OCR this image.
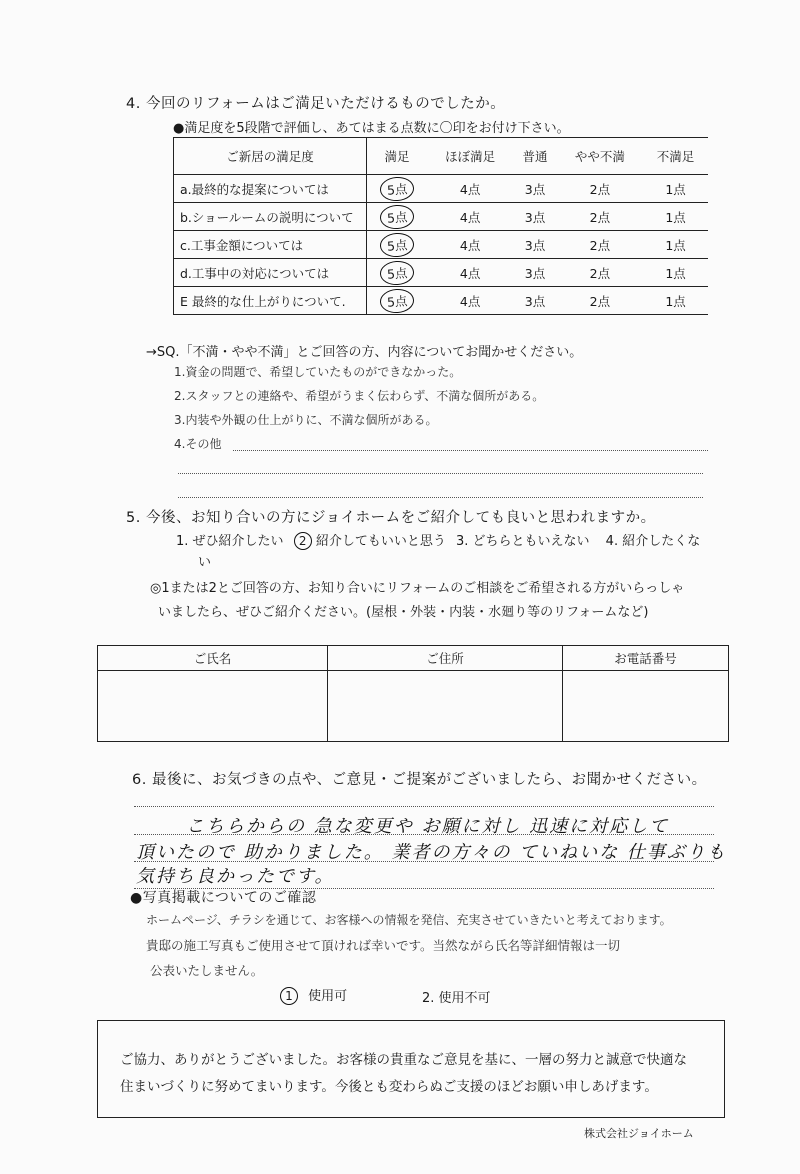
4. 今回のリフォームはご満足いただけるものでしたか。
●満足度を5段階で評価し、あてはまる点数に〇印をお付け下さい。
ご新居の満足度	満足	ほぼ満足	普通	やや不満	不満足
a.最終的な提案については	5点	4点	3点	2点	1点
b.ショールームの説明について	5点	4点	3点	2点	1点
c.工事金額については	5点	4点	3点	2点	1点
d.工事中の対応については	5点	4点	3点	2点	1点
E 最終的な仕上がりについて.	5点	4点	3点	2点	1点
→SQ.「不満・やや不満」とご回答の方、内容についてお聞かせください。
1.資金の問題で、希望していたものができなかった。
2.スタッフとの連絡や、希望がうまく伝わらず、不満な個所がある。
3.内装や外観の仕上がりに、不満な個所がある。
4.その他
5. 今後、お知り合いの方にジョイホームをご紹介しても良いと思われますか。
1. ぜひ紹介したい 2 紹介してもいいと思う 3. どちらともいえない 4. 紹介したくな
い
◎1または2とご回答の方、お知り合いにリフォームのご相談をご希望される方がいらっしゃ
いましたら、ぜひご紹介ください。(屋根・外装・内装・水廻り等のリフォームなど)
ご氏名	ご住所	お電話番号

6. 最後に、お気づきの点や、ご意見・ご提案がございましたら、お聞かせください。
こちらからの 急な変更や お願に対し 迅速に対応して
頂いたので 助かりました。 業者の方々の ていねいな 仕事ぶりも
気持ち良かったです。
●写真掲載についてのご確認
ホームページ、チラシを通じて、お客様への情報を発信、充実させていきたいと考えております。
貴邸の施工写真もご使用させて頂ければ幸いです。当然ながら氏名等詳細情報は一切
公表いたしません。
1 使用可	2. 使用不可
ご協力、ありがとうございました。お客様の貴重なご意見を基に、一層の努力と誠意で快適な
住まいづくりに努めてまいります。今後とも変わらぬご支援のほどお願い申しあげます。
株式会社ジョイホーム
